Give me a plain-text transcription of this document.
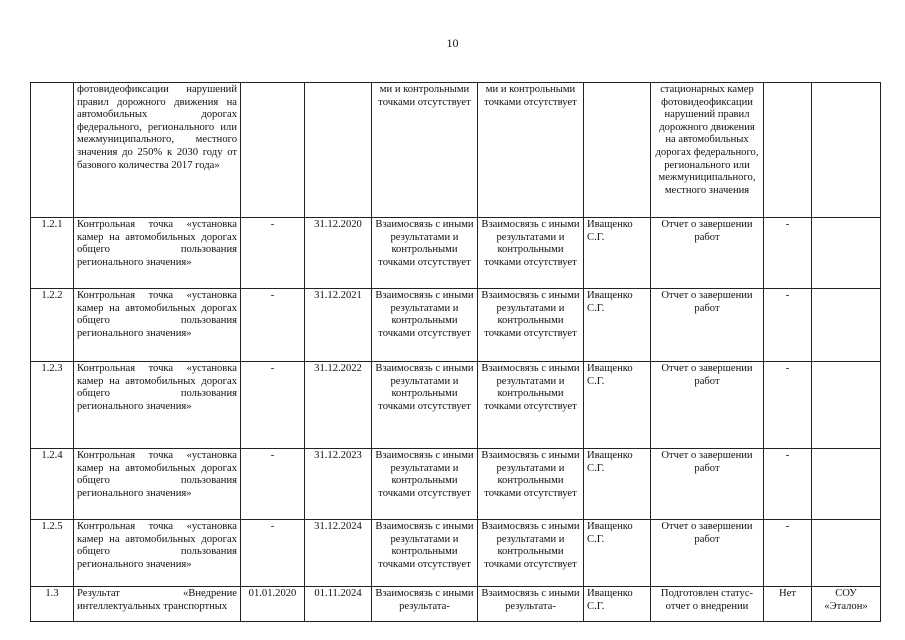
10
	фотовидеофиксации нарушений правил дорожного движения на автомобильных дорогах федерального, регионального или межмуниципального, местного значения до 250% к 2030 году от базового количества 2017 года»			ми и контрольными точками отсутствует	ми и контрольными точками отсутствует		стационарных камер фотовидеофиксации нарушений правил дорожного движения на автомобильных дорогах федерального, регионального или межмуниципального, местного значения		
1.2.1	Контрольная точка «установка камер на автомобильных дорогах общего пользования регионального значения»	-	31.12.2020	Взаимосвязь с иными результатами и контрольными точками отсутствует	Взаимосвязь с иными результатами и контрольными точками отсутствует	Иващенко С.Г.	Отчет о завершении работ	-	
1.2.2	Контрольная точка «установка камер на автомобильных дорогах общего пользования регионального значения»	-	31.12.2021	Взаимосвязь с иными результатами и контрольными точками отсутствует	Взаимосвязь с иными результатами и контрольными точками отсутствует	Иващенко С.Г.	Отчет о завершении работ	-	
1.2.3	Контрольная точка «установка камер на автомобильных дорогах общего пользования регионального значения»	-	31.12.2022	Взаимосвязь с иными результатами и контрольными точками отсутствует	Взаимосвязь с иными результатами и контрольными точками отсутствует	Иващенко С.Г.	Отчет о завершении работ	-	
1.2.4	Контрольная точка «установка камер на автомобильных дорогах общего пользования регионального значения»	-	31.12.2023	Взаимосвязь с иными результатами и контрольными точками отсутствует	Взаимосвязь с иными результатами и контрольными точками отсутствует	Иващенко С.Г.	Отчет о завершении работ	-	
1.2.5	Контрольная точка «установка камер на автомобильных дорогах общего пользования регионального значения»	-	31.12.2024	Взаимосвязь с иными результатами и контрольными точками отсутствует	Взаимосвязь с иными результатами и контрольными точками отсутствует	Иващенко С.Г.	Отчет о завершении работ	-	
1.3	Результат «Внедрение интеллектуальных транспортных	01.01.2020	01.11.2024	Взаимосвязь с иными результата-	Взаимосвязь с иными результата-	Иващенко С.Г.	Подготовлен статус-отчет о внедрении	Нет	СОУ «Эталон»
